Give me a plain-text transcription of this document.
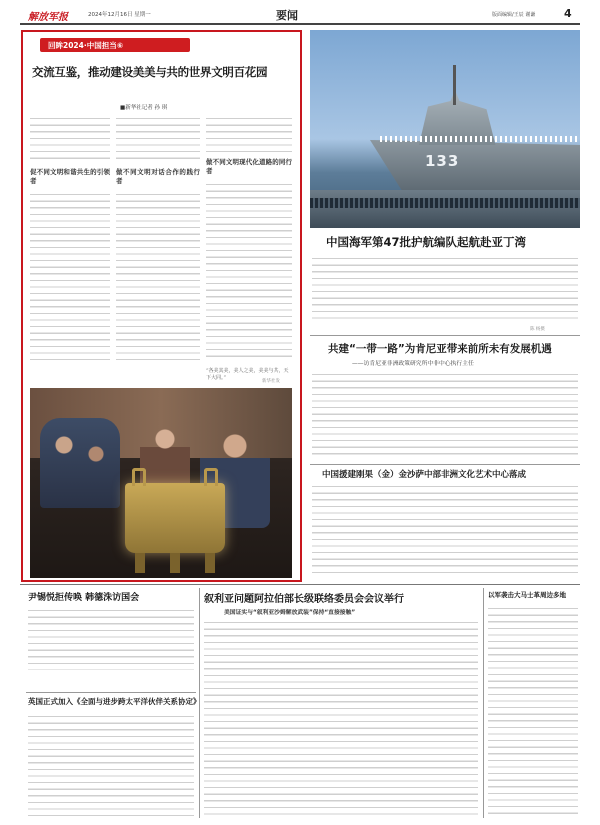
解放军报	2024年12月16日 星期一	要闻	版面编辑/王辰 谢谦	4
回眸2024·中国担当⑥
交流互鉴，推动建设美美与共的世界文明百花园
■新华社记者 孙 琪
促不同文明和谐共生的引领者
做不同文明对话合作的践行者
做不同文明现代化道路的同行者
“各美其美，美人之美，美美与共，天下大同。”
新华社发
133
中国海军第47批护航编队起航赴亚丁湾
陈 杨摄
共建“一带一路”为肯尼亚带来前所未有发展机遇
——访肯尼亚非洲政策研究所中非中心执行主任
中国援建刚果（金）金沙萨中部非洲文化艺术中心落成
尹锡悦拒传唤 韩德洙访国会
英国正式加入《全面与进步跨太平洋伙伴关系协定》
叙利亚问题阿拉伯部长级联络委员会会议举行
美国证实与“叙利亚沙姆解放武装”保持“直接接触”
以军袭击大马士革周边多地
